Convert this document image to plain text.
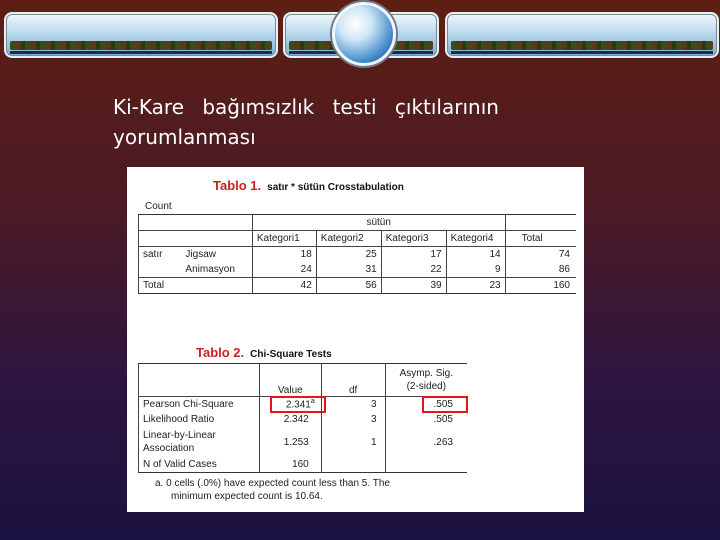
Ki-Kare bağımsızlık testi çıktılarının
yorumlanması
Tablo 1. satır * sütün Crosstabulation
Count
		sütün				
		Kategori1	Kategori2	Kategori3	Kategori4	Total
satır	Jigsaw	18	25	17	14	74
	Animasyon	24	31	22	9	86
Total		42	56	39	23	160
Tablo 2. Chi-Square Tests
	Value	df	Asymp. Sig.
(2-sided)

Pearson Chi-Square	2.341$^a$	3	.505
Likelihood Ratio	2.342	3	.505

Linear-by-Linear
Association	1.253	1	.263
N of Valid Cases	160		
a. 0 cells (.0%) have expected count less than 5. The
minimum expected count is 10.64.
